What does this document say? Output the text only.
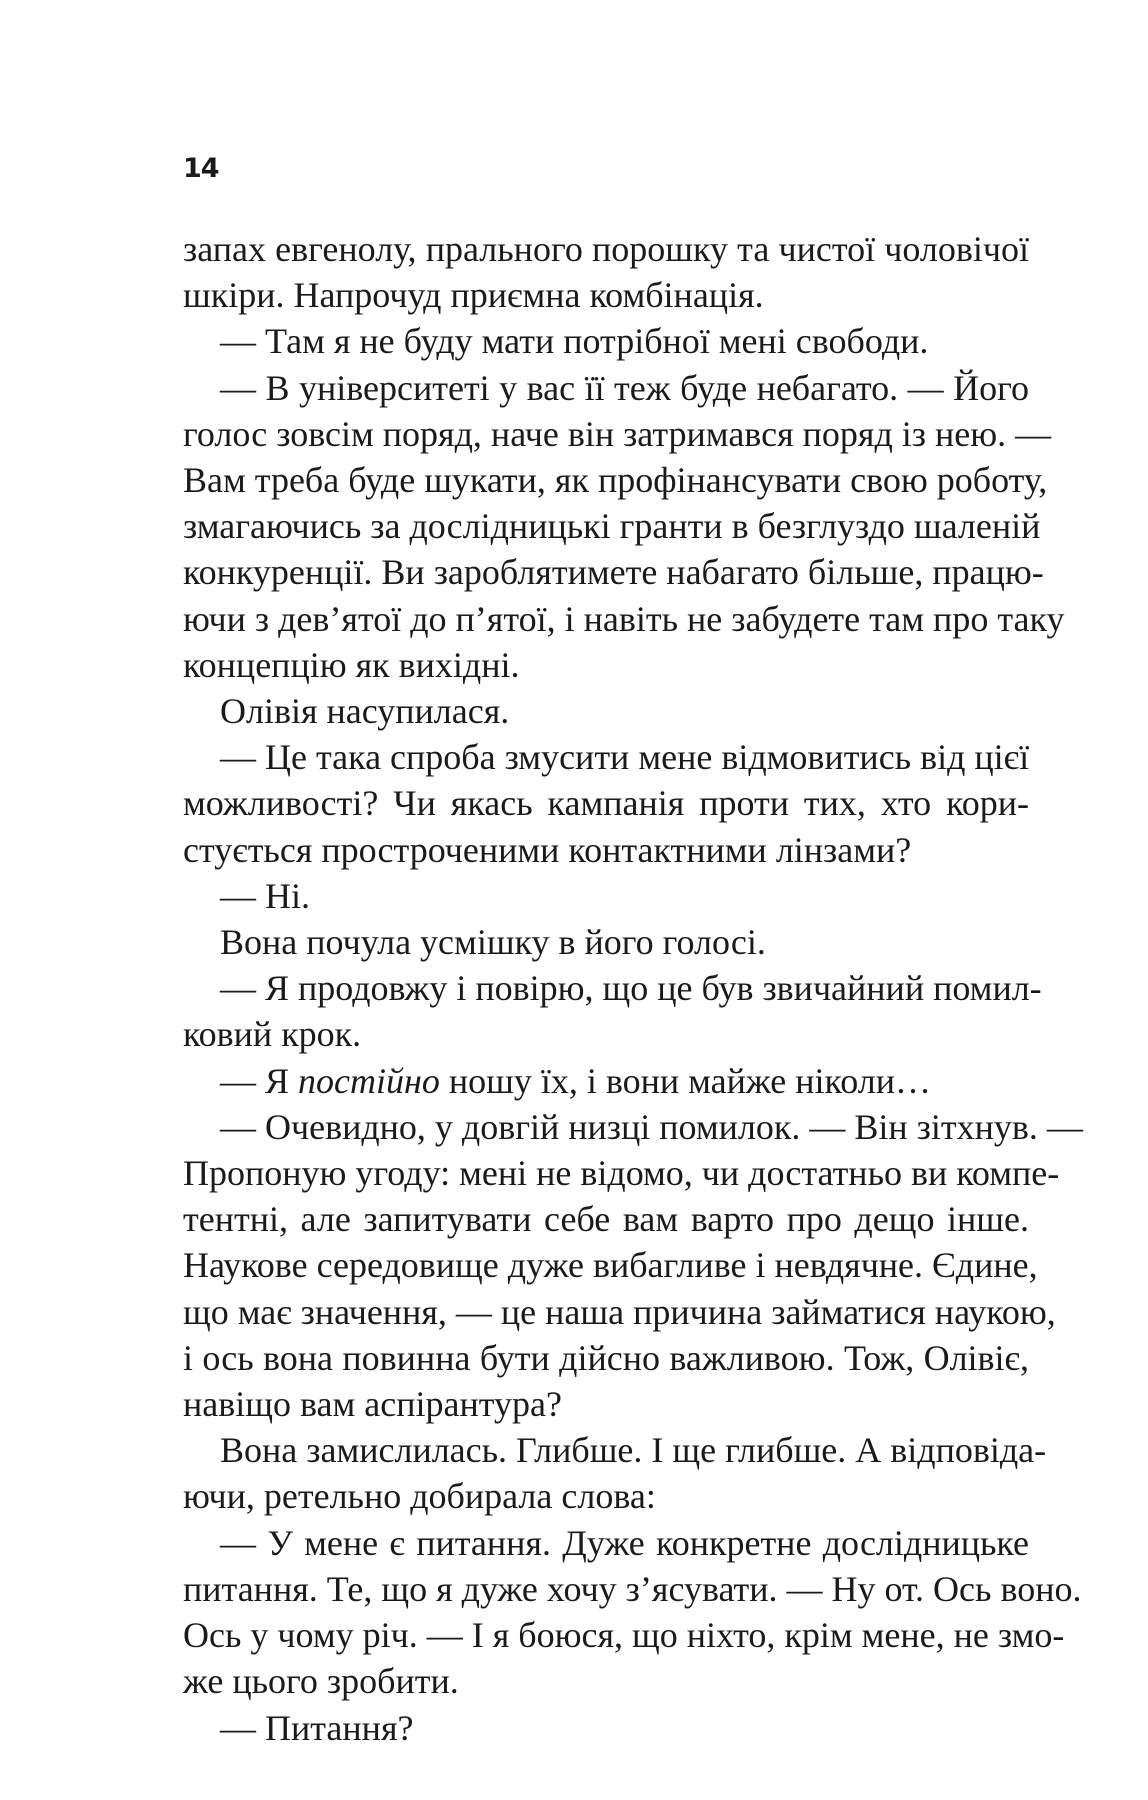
14
запах евгенолу, прального порошку та чистої чоловічої
шкіри. Напрочуд приємна комбінація.
— Там я не буду мати потрібної мені свободи.
— В університеті у вас її теж буде небагато. — Його
голос зовсім поряд, наче він затримався поряд із нею. —
Вам треба буде шукати, як профінансувати свою роботу,
змагаючись за дослідницькі гранти в безглуздо шаленій
конкуренції. Ви зароблятимете набагато більше, працю-
ючи з дев’ятої до п’ятої, і навіть не забудете там про таку
концепцію як вихідні.
Олівія насупилася.
— Це така спроба змусити мене відмовитись від цієї
можливості? Чи якась кампанія проти тих, хто кори-
стується простроченими контактними лінзами?
— Ні.
Вона почула усмішку в його голосі.
— Я продовжу і повірю, що це був звичайний помил-
ковий крок.
— Я постійно ношу їх, і вони майже ніколи…
— Очевидно, у довгій низці помилок. — Він зітхнув. —
Пропоную угоду: мені не відомо, чи достатньо ви компе-
тентні, але запитувати себе вам варто про дещо інше.
Наукове середовище дуже вибагливе і невдячне. Єдине,
що має значення, — це наша причина займатися наукою,
і ось вона повинна бути дійсно важливою. Тож, Олівіє,
навіщо вам аспірантура?
Вона замислилась. Глибше. І ще глибше. А відповіда-
ючи, ретельно добирала слова:
— У мене є питання. Дуже конкретне дослідницьке
питання. Те, що я дуже хочу з’ясувати. — Ну от. Ось воно.
Ось у чому річ. — І я боюся, що ніхто, крім мене, не змо-
же цього зробити.
— Питання?
